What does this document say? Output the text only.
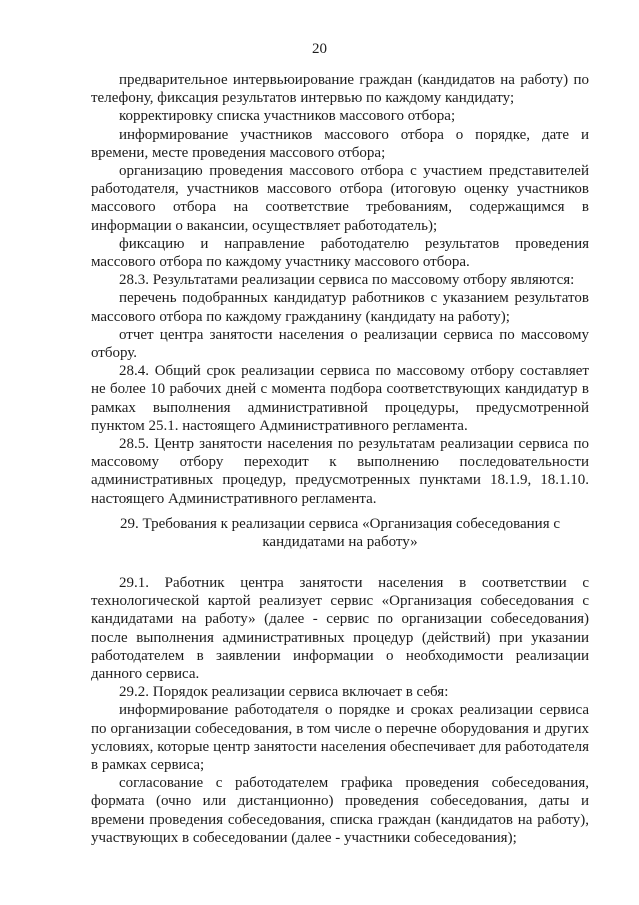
20

предварительное интервьюирование граждан (кандидатов на работу) по телефону, фиксация результатов интервью по каждому кандидату;

корректировку списка участников массового отбора;

информирование участников массового отбора о порядке, дате и времени, месте проведения массового отбора;

организацию проведения массового отбора с участием представителей работодателя, участников массового отбора (итоговую оценку участников массового отбора на соответствие требованиям, содержащимся в информации о вакансии, осуществляет работодатель);

фиксацию и направление работодателю результатов проведения массового отбора по каждому участнику массового отбора.

28.3. Результатами реализации сервиса по массовому отбору являются:

перечень подобранных кандидатур работников с указанием результатов массового отбора по каждому гражданину (кандидату на работу);

отчет центра занятости населения о реализации сервиса по массовому отбору.

28.4. Общий срок реализации сервиса по массовому отбору составляет не более 10 рабочих дней с момента подбора соответствующих кандидатур в рамках выполнения административной процедуры, предусмотренной пунктом 25.1. настоящего Административного регламента.

28.5. Центр занятости населения по результатам реализации сервиса по массовому отбору переходит к выполнению последовательности административных процедур, предусмотренных пунктами 18.1.9, 18.1.10. настоящего Административного регламента.

29. Требования к реализации сервиса «Организация собеседования с кандидатами на работу»

29.1. Работник центра занятости населения в соответствии с технологической картой реализует сервис «Организация собеседования с кандидатами на работу» (далее - сервис по организации собеседования) после выполнения административных процедур (действий) при указании работодателем в заявлении информации о необходимости реализации данного сервиса.

29.2. Порядок реализации сервиса включает в себя:

информирование работодателя о порядке и сроках реализации сервиса по организации собеседования, в том числе о перечне оборудования и других условиях, которые центр занятости населения обеспечивает для работодателя в рамках сервиса;

согласование с работодателем графика проведения собеседования, формата (очно или дистанционно) проведения собеседования, даты и времени проведения собеседования, списка граждан (кандидатов на работу), участвующих в собеседовании (далее - участники собеседования);
